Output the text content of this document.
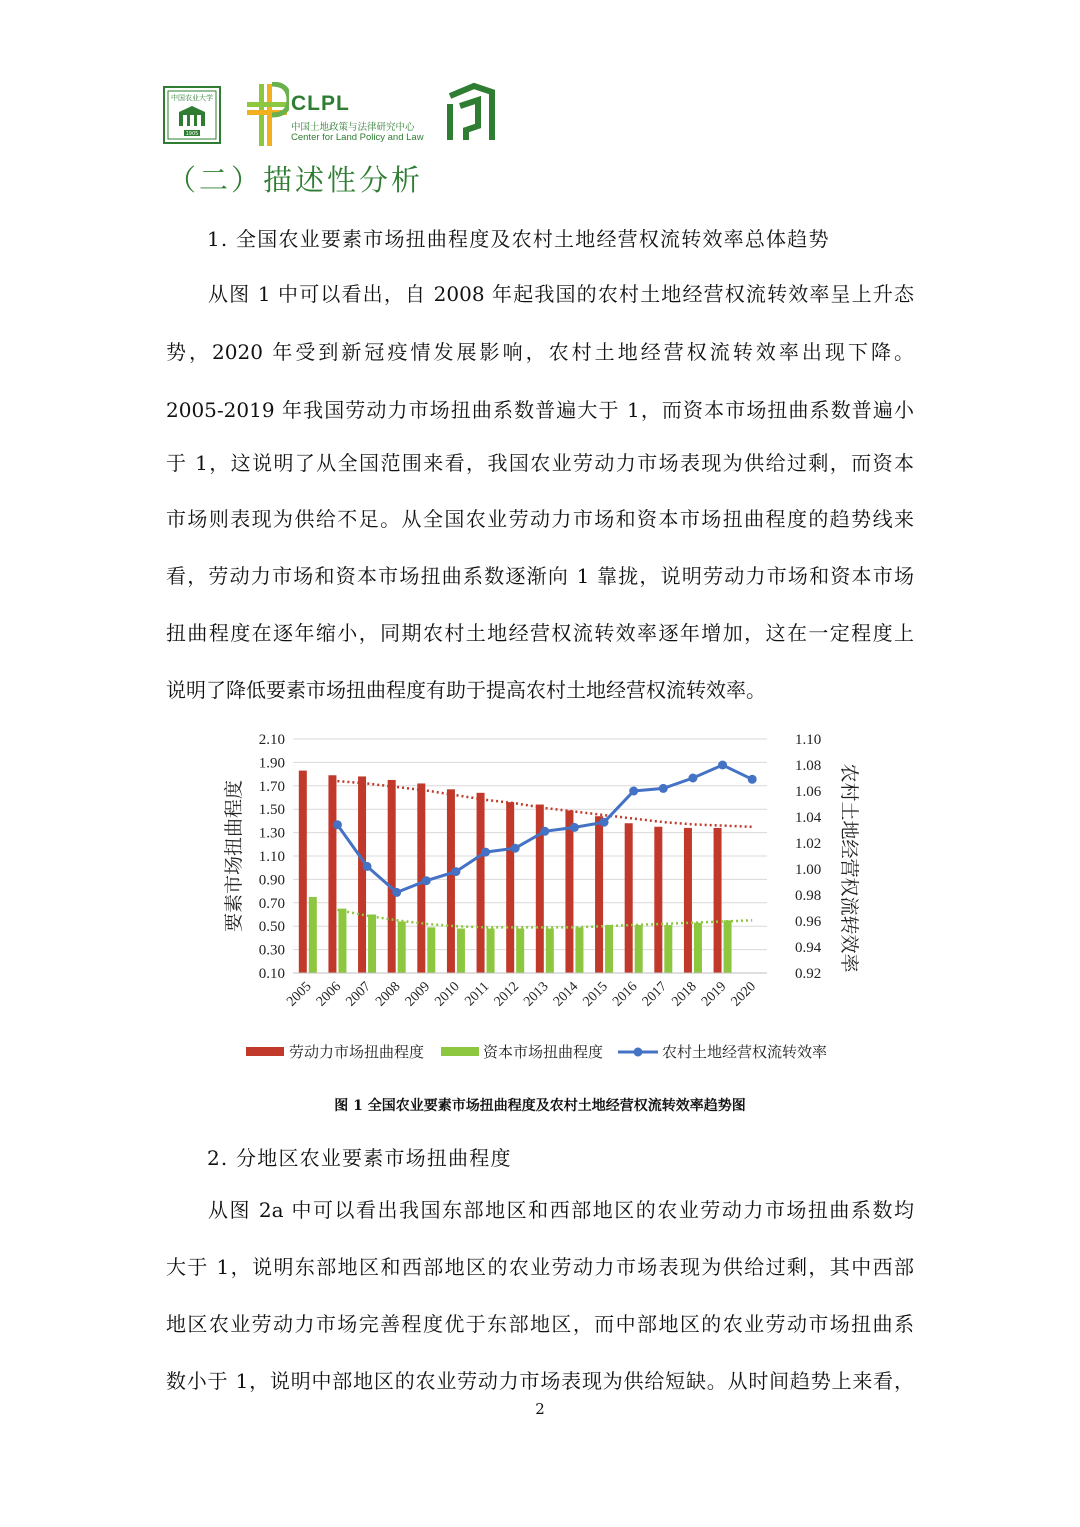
中国农业大学
1905
CLPL
中国土地政策与法律研究中心
Center for Land Policy and Law
（二）描述性分析
1. 全国农业要素市场扭曲程度及农村土地经营权流转效率总体趋势
从图 1 中可以看出，自 2008 年起我国的农村土地经营权流转效率呈上升态
势，2020 年受到新冠疫情发展影响，农村土地经营权流转效率出现下降。
2005-2019 年我国劳动力市场扭曲系数普遍大于 1，而资本市场扭曲系数普遍小
于 1，这说明了从全国范围来看，我国农业劳动力市场表现为供给过剩，而资本
市场则表现为供给不足。从全国农业劳动力市场和资本市场扭曲程度的趋势线来
看，劳动力市场和资本市场扭曲系数逐渐向 1 靠拢，说明劳动力市场和资本市场
扭曲程度在逐年缩小，同期农村土地经营权流转效率逐年增加，这在一定程度上
说明了降低要素市场扭曲程度有助于提高农村土地经营权流转效率。
2.10
1.90
1.70
1.50
1.30
1.10
0.90
0.70
0.50
0.30
0.10
1.10
1.08
1.06
1.04
1.02
1.00
0.98
0.96
0.94
0.92
要素市场扭曲程度	农村土地经营权流转效率
2005 2006 2007 2008 2009 2010 2011 2012 2013 2014 2015 2016 2017 2018 2019 2020
劳动力市场扭曲程度	资本市场扭曲程度	农村土地经营权流转效率
图 1 全国农业要素市场扭曲程度及农村土地经营权流转效率趋势图
2. 分地区农业要素市场扭曲程度
从图 2a 中可以看出我国东部地区和西部地区的农业劳动力市场扭曲系数均
大于 1，说明东部地区和西部地区的农业劳动力市场表现为供给过剩，其中西部
地区农业劳动力市场完善程度优于东部地区，而中部地区的农业劳动市场扭曲系
数小于 1，说明中部地区的农业劳动力市场表现为供给短缺。从时间趋势上来看，
2
